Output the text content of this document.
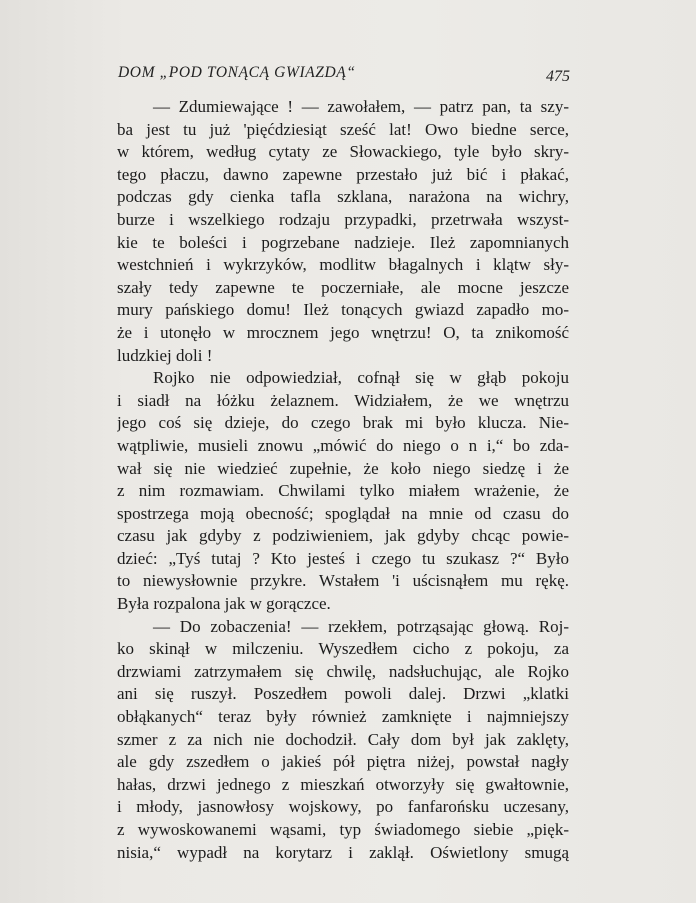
DOM „POD TONĄCĄ GWIAZDĄ“	475
— Zdumiewające ! — zawołałem, — patrz pan, ta szy-
ba jest tu już 'pięćdziesiąt sześć lat! Owo biedne serce,
w którem, według cytaty ze Słowackiego, tyle było skry-
tego płaczu, dawno zapewne przestało już bić i płakać,
podczas gdy cienka tafla szklana, narażona na wichry,
burze i wszelkiego rodzaju przypadki, przetrwała wszyst-
kie te boleści i pogrzebane nadzieje. Ileż zapomnianych
westchnień i wykrzyków, modlitw błagalnych i klątw sły-
szały tedy zapewne te poczerniałe, ale mocne jeszcze
mury pańskiego domu! Ileż tonących gwiazd zapadło mo-
że i utonęło w mrocznem jego wnętrzu! O, ta znikomość
ludzkiej doli !
Rojko nie odpowiedział, cofnął się w głąb pokoju
i siadł na łóżku żelaznem. Widziałem, że we wnętrzu
jego coś się dzieje, do czego brak mi było klucza. Nie-
wątpliwie, musieli znowu „mówić do niego o n i,“ bo zda-
wał się nie wiedzieć zupełnie, że koło niego siedzę i że
z nim rozmawiam. Chwilami tylko miałem wrażenie, że
spostrzega moją obecność; spoglądał na mnie od czasu do
czasu jak gdyby z podziwieniem, jak gdyby chcąc powie-
dzieć: „Tyś tutaj ? Kto jesteś i czego tu szukasz ?“ Było
to niewysłownie przykre. Wstałem 'i uścisnąłem mu rękę.
Była rozpalona jak w gorączce.
— Do zobaczenia! — rzekłem, potrząsając głową. Roj-
ko skinął w milczeniu. Wyszedłem cicho z pokoju, za
drzwiami zatrzymałem się chwilę, nadsłuchując, ale Rojko
ani się ruszył. Poszedłem powoli dalej. Drzwi „klatki
obłąkanych“ teraz były również zamknięte i najmniejszy
szmer z za nich nie dochodził. Cały dom był jak zaklęty,
ale gdy zszedłem o jakieś pół piętra niżej, powstał nagły
hałas, drzwi jednego z mieszkań otworzyły się gwałtownie,
i młody, jasnowłosy wojskowy, po fanfarońsku uczesany,
z wywoskowanemi wąsami, typ świadomego siebie „pięk-
nisia,“ wypadł na korytarz i zaklął. Oświetlony smugą
